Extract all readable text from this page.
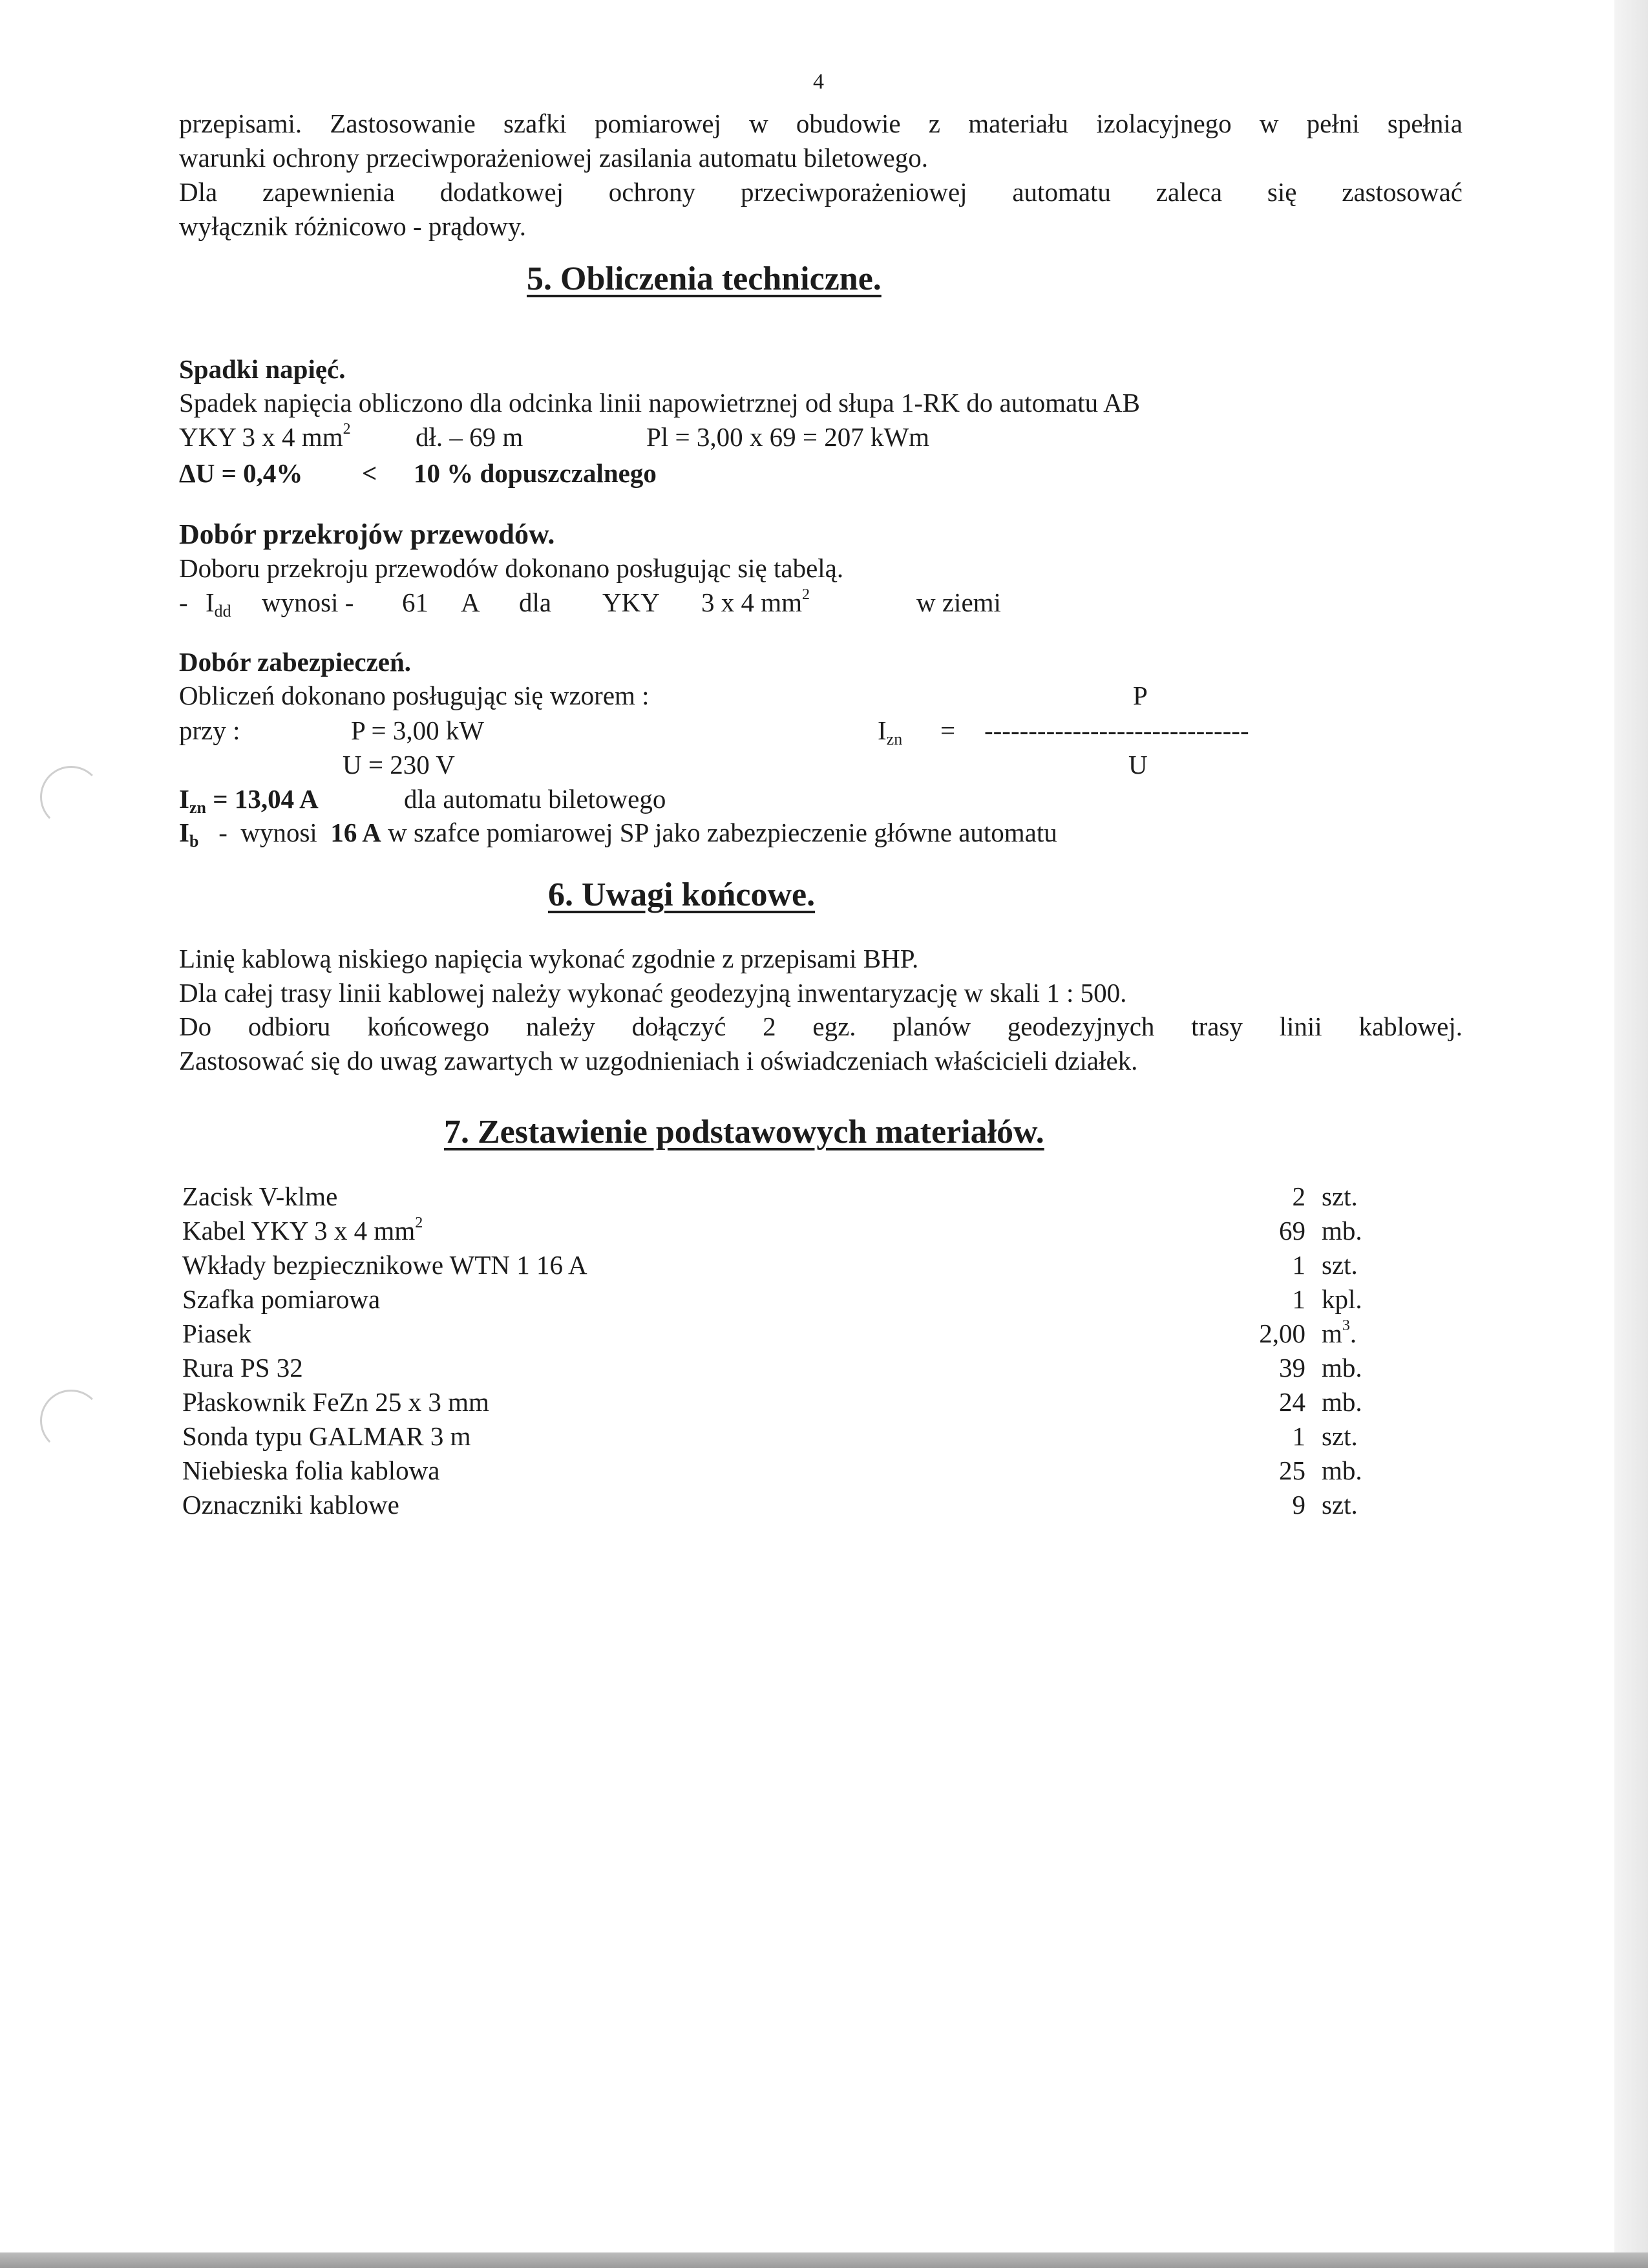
4
przepisami. Zastosowanie szafki pomiarowej w obudowie z materiału izolacyjnego w pełni spełnia
warunki ochrony przeciwporażeniowej zasilania automatu biletowego.
Dla zapewnienia dodatkowej ochrony przeciwporażeniowej automatu zaleca się zastosować
wyłącznik różnicowo - prądowy.
5. Obliczenia techniczne.
Spadki napięć.
Spadek napięcia obliczono dla odcinka linii napowietrznej od słupa 1-RK do automatu AB
YKY 3 x 4 $mm^2$ dł. – 69 m	Pl = 3,00 x 69 = 207 kWm
ΔU = 0,4% < 10 % dopuszczalnego
Dobór przekrojów przewodów.
Doboru przekroju przewodów dokonano posługując się tabelą.
- $I_{dd}$ wynosi - 61 A dla YKY 3 x 4 $mm^2$	w ziemi
Dobór zabezpieczeń.
Obliczeń dokonano posługując się wzorem :	P
przy :	P = 3,00 kW	$I_{zn}$ = ------------------------------
U = 230 V	U
$I_{zn} = 13,04$ A	dla automatu biletowego
$I_b$ - wynosi 16 A w szafce pomiarowej SP jako zabezpieczenie główne automatu
6. Uwagi końcowe.
Linię kablową niskiego napięcia wykonać zgodnie z przepisami BHP.
Dla całej trasy linii kablowej należy wykonać geodezyjną inwentaryzację w skali 1 : 500.
Do odbioru końcowego należy dołączyć 2 egz. planów geodezyjnych trasy linii kablowej.
Zastosować się do uwag zawartych w uzgodnieniach i oświadczeniach właścicieli działek.
7. Zestawienie podstawowych materiałów.
Zacisk V-klme	2 szt.
Kabel YKY 3 x 4 $mm^2$	69 mb.
Wkłady bezpiecznikowe WTN 1 16 A	1 szt.
Szafka pomiarowa	1 kpl.
Piasek	2,00 $m^3$.
Rura PS 32	39 mb.
Płaskownik FeZn 25 x 3 mm	24 mb.
Sonda typu GALMAR 3 m	1 szt.
Niebieska folia kablowa	25 mb.
Oznaczniki kablowe	9 szt.
